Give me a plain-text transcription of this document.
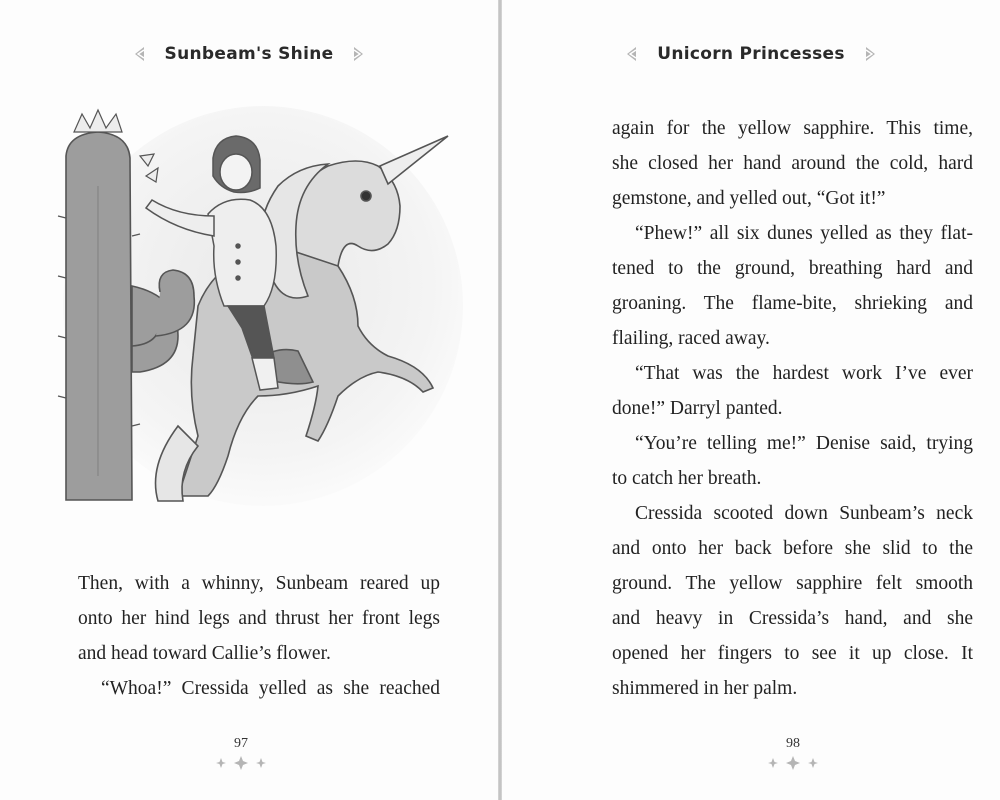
Sunbeam's Shine
Then, with a whinny, Sunbeam reared up
onto her hind legs and thrust her front legs
and head toward Callie’s flower.
“Whoa!” Cressida yelled as she reached
97
Unicorn Princesses
again for the yellow sapphire. This time,
she closed her hand around the cold, hard
gemstone, and yelled out, “Got it!”
“Phew!” all six dunes yelled as they flat-
tened to the ground, breathing hard and
groaning. The flame-bite, shrieking and
flailing, raced away.
“That was the hardest work I’ve ever
done!” Darryl panted.
“You’re telling me!” Denise said, trying
to catch her breath.
Cressida scooted down Sunbeam’s neck
and onto her back before she slid to the
ground. The yellow sapphire felt smooth
and heavy in Cressida’s hand, and she
opened her fingers to see it up close. It
shimmered in her palm.
98
